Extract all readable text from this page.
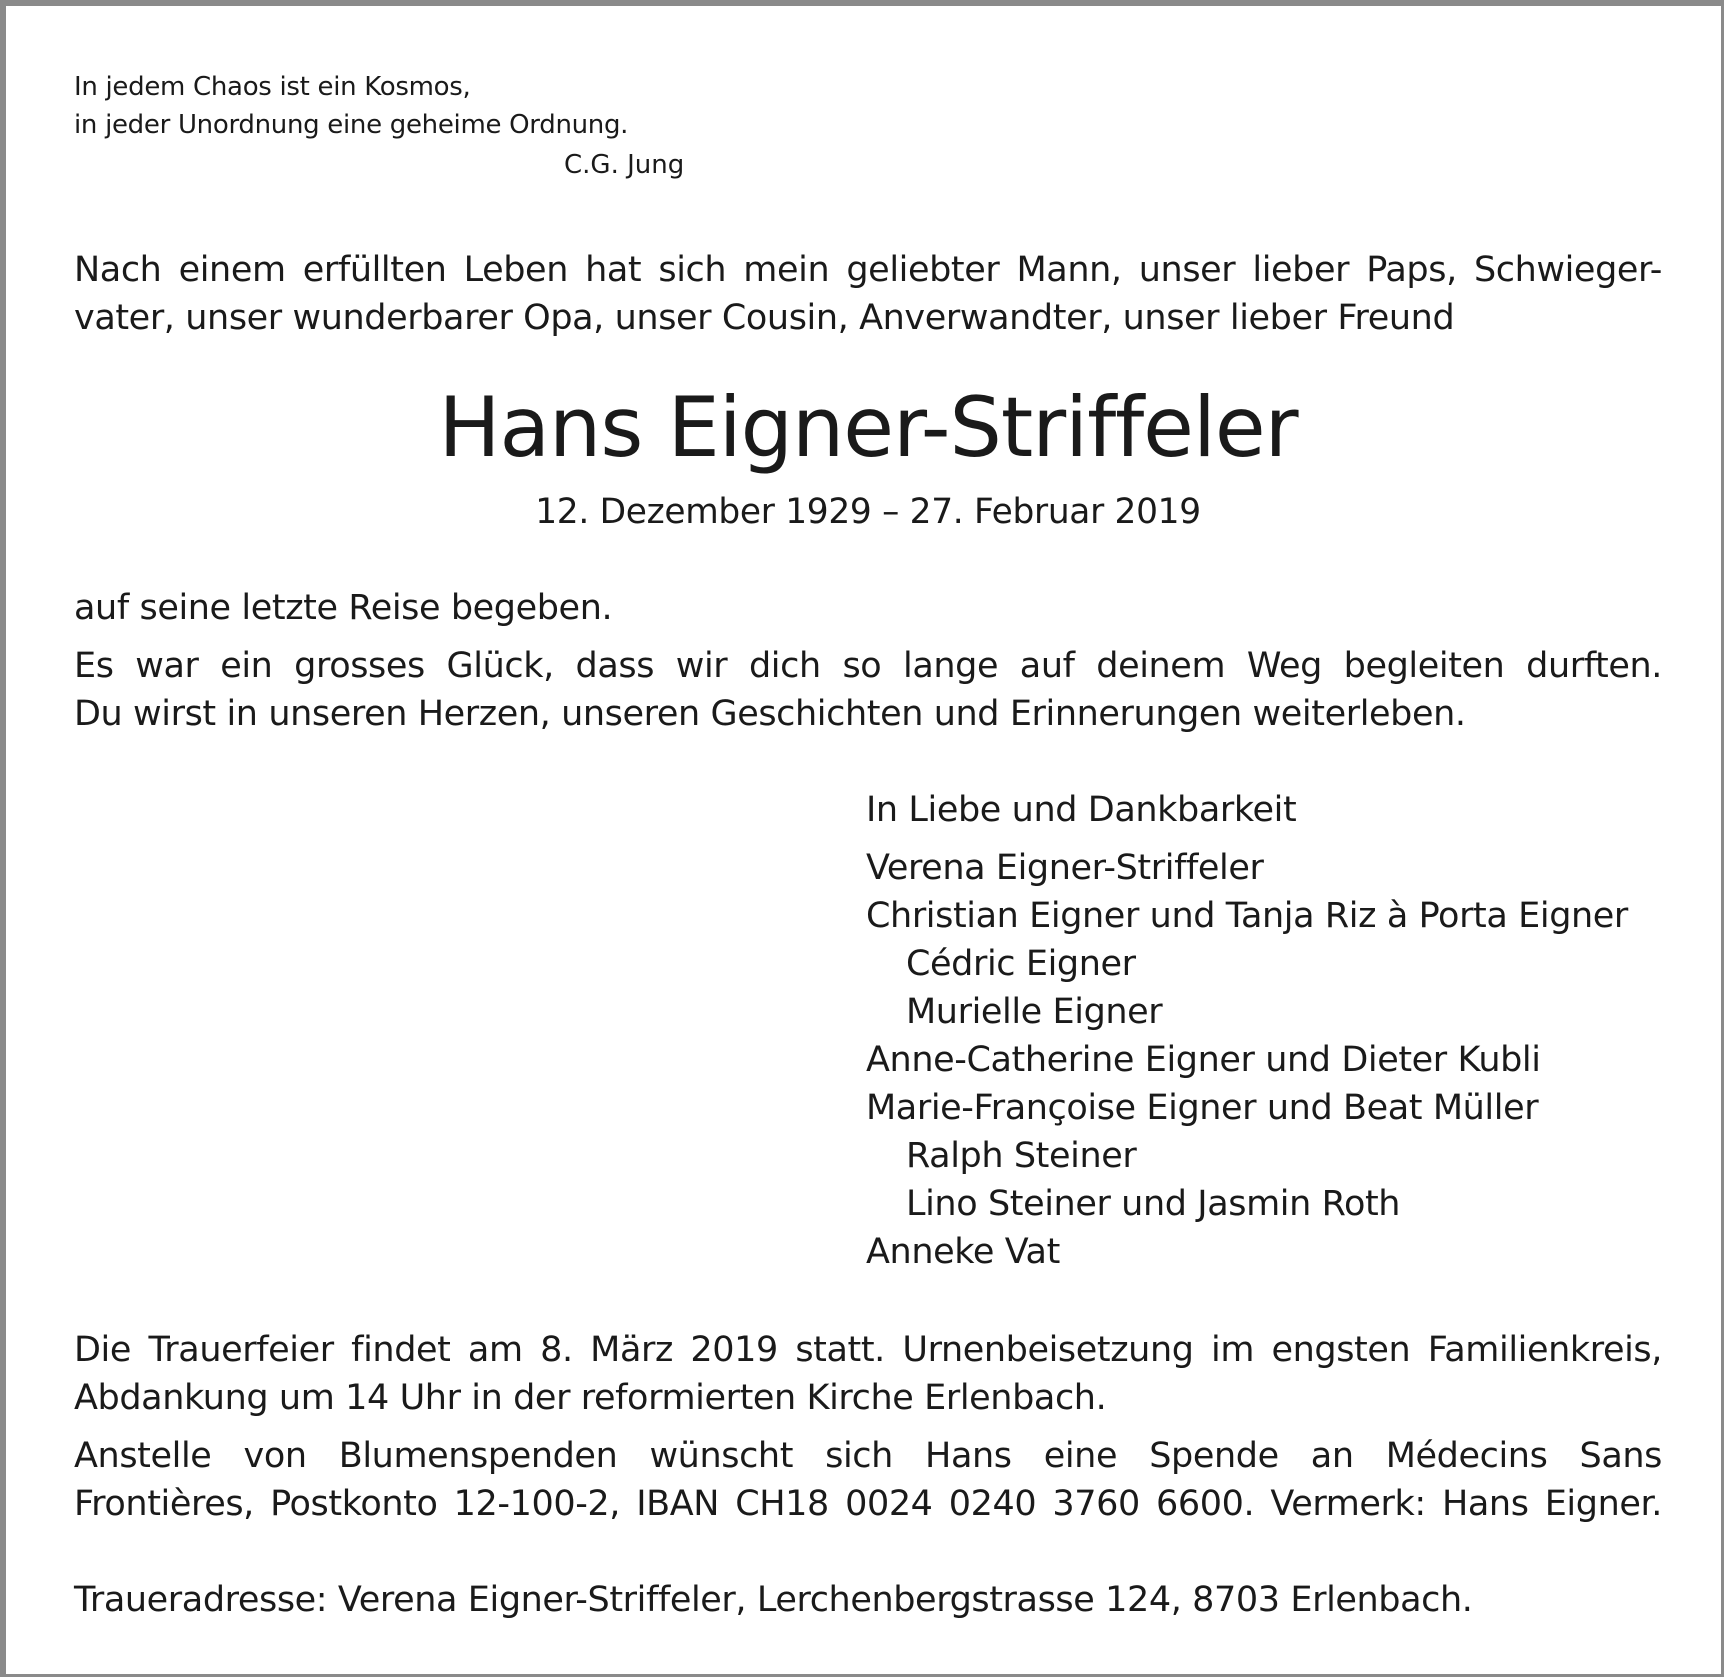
In jedem Chaos ist ein Kosmos,
in jeder Unordnung eine geheime Ordnung.
C.G. Jung
Nach einem erfüllten Leben hat sich mein geliebter Mann, unser lieber Paps, Schwieger-
vater, unser wunderbarer Opa, unser Cousin, Anverwandter, unser lieber Freund
Hans Eigner-Striffeler
12. Dezember 1929 – 27. Februar 2019
auf seine letzte Reise begeben.
Es war ein grosses Glück, dass wir dich so lange auf deinem Weg begleiten durften.
Du wirst in unseren Herzen, unseren Geschichten und Erinnerungen weiterleben.
In Liebe und Dankbarkeit
Verena Eigner-Striffeler
Christian Eigner und Tanja Riz à Porta Eigner
Cédric Eigner
Murielle Eigner
Anne-Catherine Eigner und Dieter Kubli
Marie-Françoise Eigner und Beat Müller
Ralph Steiner
Lino Steiner und Jasmin Roth
Anneke Vat
Die Trauerfeier findet am 8. März 2019 statt. Urnenbeisetzung im engsten Familienkreis,
Abdankung um 14 Uhr in der reformierten Kirche Erlenbach.
Anstelle von Blumenspenden wünscht sich Hans eine Spende an Médecins Sans
Frontières, Postkonto 12-100-2, IBAN CH18 0024 0240 3760 6600. Vermerk: Hans Eigner.
Traueradresse: Verena Eigner-Striffeler, Lerchenbergstrasse 124, 8703 Erlenbach.
